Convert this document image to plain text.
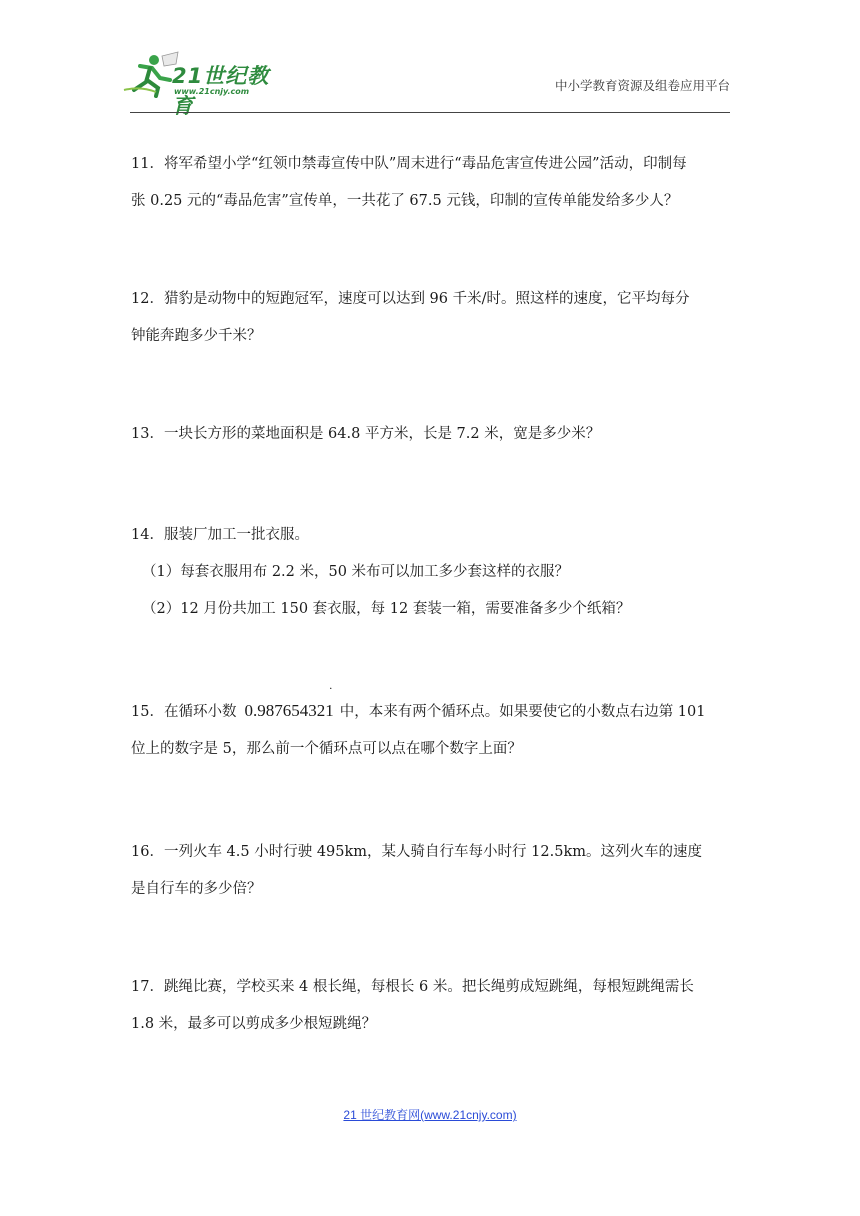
21世纪教育
www.21cnjy.com	中小学教育资源及组卷应用平台
11．将军希望小学“红领巾禁毒宣传中队”周末进行“毒品危害宣传进公园”活动，印制每
张 0.25 元的“毒品危害”宣传单，一共花了 67.5 元钱，印制的宣传单能发给多少人？
12．猎豹是动物中的短跑冠军，速度可以达到 96 千米/时。照这样的速度，它平均每分
钟能奔跑多少千米？
13．一块长方形的菜地面积是 64.8 平方米，长是 7.2 米，宽是多少米？
14．服装厂加工一批衣服。
（1）每套衣服用布 2.2 米，50 米布可以加工多少套这样的衣服？
（2）12 月份共加工 150 套衣服，每 12 套装一箱，需要准备多少个纸箱？
15．在循环小数 0.987654321
·
中，本来有两个循环点。如果要使它的小数点右边第 101
位上的数字是 5，那么前一个循环点可以点在哪个数字上面？
16．一列火车 4.5 小时行驶 495km，某人骑自行车每小时行 12.5km。这列火车的速度
是自行车的多少倍？
17．跳绳比赛，学校买来 4 根长绳，每根长 6 米。把长绳剪成短跳绳，每根短跳绳需长
1.8 米，最多可以剪成多少根短跳绳？
21 世纪教育网(www.21cnjy.com)
